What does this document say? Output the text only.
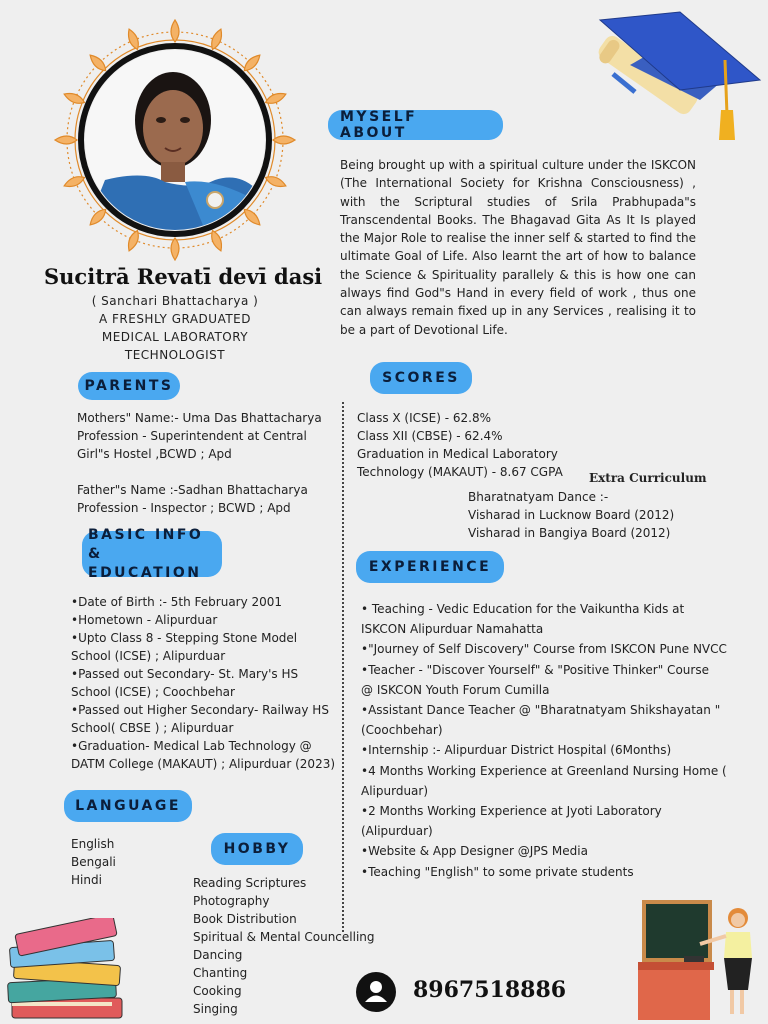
Sucitrā Revatī devī dasi
( Sanchari Bhattacharya )
A FRESHLY GRADUATED
MEDICAL LABORATORY
TECHNOLOGIST
MYSELF ABOUT
Being brought up with a spiritual culture under the ISKCON (The International Society for Krishna Consciousness) , with the Scriptural studies of Srila Prabhupada"s Transcendental Books. The Bhagavad Gita As It Is played the Major Role to realise the inner self & started to find the ultimate Goal of Life. Also learnt the art of how to balance the Science & Spirituality parallely & this is how one can always find God"s Hand in every field of work , thus one can always remain fixed up in any Services , realising it to be a part of Devotional Life.
PARENTS
Mothers" Name:- Uma Das Bhattacharya
Profession - Superintendent at Central
Girl"s Hostel ,BCWD ; Apd
Father"s Name :-Sadhan Bhattacharya
Profession - Inspector ; BCWD ; Apd
SCORES
Class X (ICSE) - 62.8%
Class XII (CBSE) - 62.4%
Graduation in Medical Laboratory
Technology (MAKAUT) - 8.67 CGPA Extra Curriculum
Bharatnatyam Dance :-
Visharad in Lucknow Board (2012)
Visharad in Bangiya Board (2012)
BASIC INFO &
EDUCATION
•Date of Birth :- 5th February 2001
•Hometown - Alipurduar
•Upto Class 8 - Stepping Stone Model
School (ICSE) ; Alipurduar
•Passed out Secondary- St. Mary's HS
School (ICSE) ; Coochbehar
•Passed out Higher Secondary- Railway HS
School( CBSE ) ; Alipurduar
•Graduation- Medical Lab Technology @
DATM College (MAKAUT) ; Alipurduar (2023)
EXPERIENCE
• Teaching - Vedic Education for the Vaikuntha Kids at
ISKCON Alipurduar Namahatta
•"Journey of Self Discovery" Course from ISKCON Pune NVCC
•Teacher - "Discover Yourself" & "Positive Thinker" Course
@ ISKCON Youth Forum Cumilla
•Assistant Dance Teacher @ "Bharatnatyam Shikshayatan "
(Coochbehar)
•Internship :- Alipurduar District Hospital (6Months)
•4 Months Working Experience at Greenland Nursing Home (
Alipurduar)
•2 Months Working Experience at Jyoti Laboratory
(Alipurduar)
•Website & App Designer @JPS Media
•Teaching "English" to some private students
LANGUAGE
English
Bengali
Hindi
HOBBY
Reading Scriptures
Photography
Book Distribution
Spiritual & Mental Councelling
Dancing
Chanting
Cooking
Singing
8967518886
